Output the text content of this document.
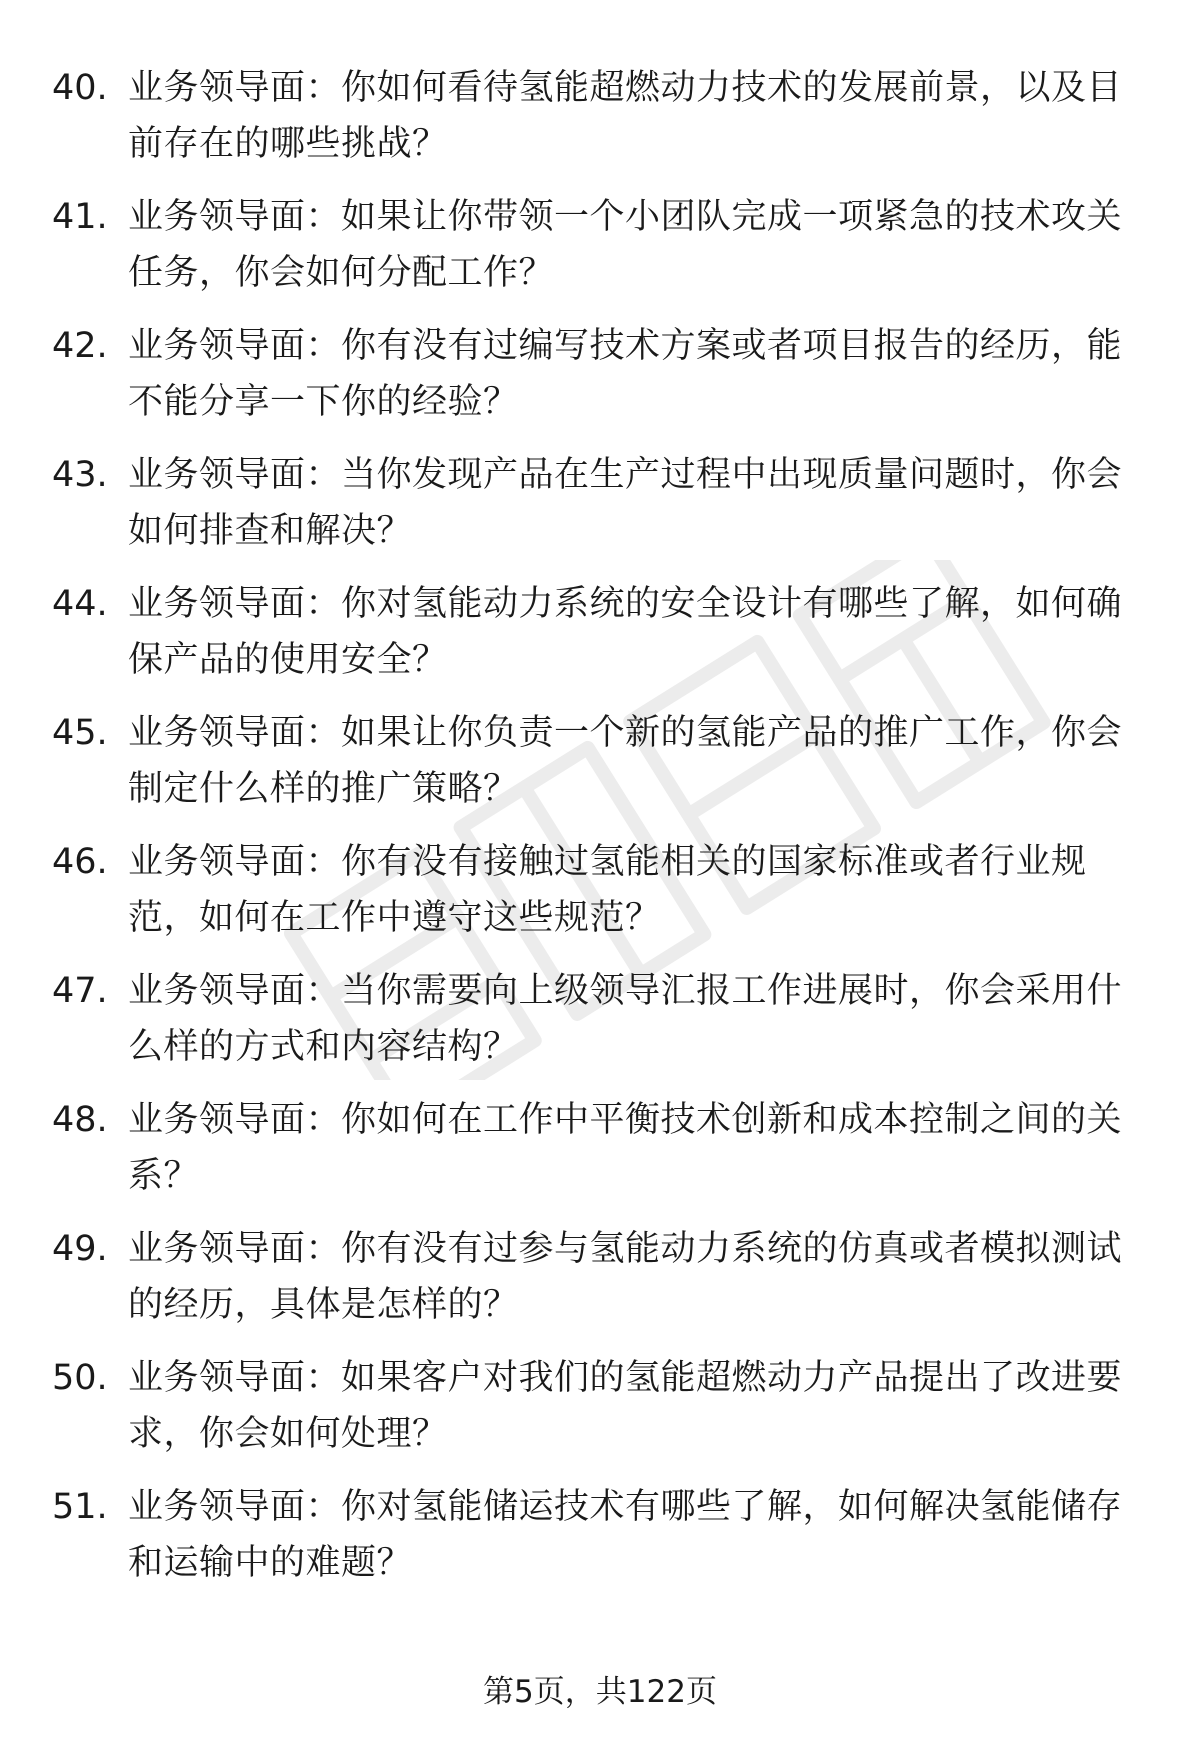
40. 业务领导面：你如何看待氢能超燃动力技术的发展前景，以及目前存在的哪些挑战？
41. 业务领导面：如果让你带领一个小团队完成一项紧急的技术攻关任务，你会如何分配工作？
42. 业务领导面：你有没有过编写技术方案或者项目报告的经历，能不能分享一下你的经验？
43. 业务领导面：当你发现产品在生产过程中出现质量问题时，你会如何排查和解决？
44. 业务领导面：你对氢能动力系统的安全设计有哪些了解，如何确保产品的使用安全？
45. 业务领导面：如果让你负责一个新的氢能产品的推广工作，你会制定什么样的推广策略？
46. 业务领导面：你有没有接触过氢能相关的国家标准或者行业规范，如何在工作中遵守这些规范？
47. 业务领导面：当你需要向上级领导汇报工作进展时，你会采用什么样的方式和内容结构？
48. 业务领导面：你如何在工作中平衡技术创新和成本控制之间的关系？
49. 业务领导面：你有没有过参与氢能动力系统的仿真或者模拟测试的经历，具体是怎样的？
50. 业务领导面：如果客户对我们的氢能超燃动力产品提出了改进要求，你会如何处理？
51. 业务领导面：你对氢能储运技术有哪些了解，如何解决氢能储存和运输中的难题？
第5页，共122页
